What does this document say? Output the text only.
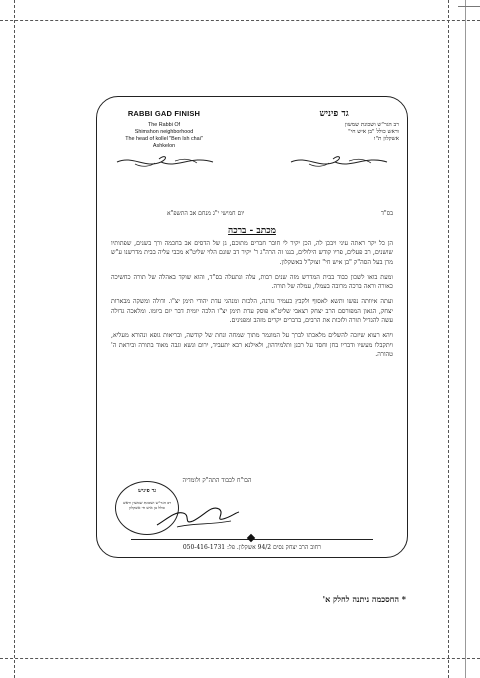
RABBI GAD FINISH
The Rabbi Of
Shimshon neighborhood
The head of kollel "Ben Ish chai"
Ashkelon
גד פיניש
רב הגר"ש ושכונת שמשון
וראש כולל "בן איש חי"
אשקלון ת"ו
יום חמישי י"ג מנחם אב התשפ"א	בס"ד
מכתב - ברכה

הן כל יקר ראתה עיני ויבכן לה, הכן יקיר לי חובר חברים מתוכם, גן של הדסים אב בחכמה ורך בשנים, שפתותיו שושנים, רב פעלים, פריו קודש הילולים, בננו זה הרה"ג ר' יקיר דב שונם הלוי שליט"א מכבי עליה בבית מדרשנו ע"ש מרן בעל הסה"ק "בן איש חי" זצוק"ל באשקלון.

ומעת בואו לשכון כבוד בבית המדרש מזה שנים רבות, עלה ונתעלה בס"ד, והוא שוקד באהלה של תורה כחשיכה כאורה וראה ברכה מרובה בעמלו, עמלה של תורה.

ועתה איוותה נפשו ותשא לאסוף ולקבץ כעמיר גורנה, הלכות ומנהגי עדת יהודי תימן יצ"ו. ודולה ומשקה מבארות יצחק, הגאון המפורסם הרב יצחק רצאבי שליט"א פוסק עדת תימן יצ"ו הלכה יומית דבר יום ביומו. ומלאכה גדולה עשה להגדיל תורה ולזכות את הרבים, בדברים יקרים מזהב ומפנינים.

ויהא רעוא שיזכה להשלים מלאכתו לברך על המוגמר מתוך שמחה ונחת של קודשה, ובריאות גופא ונהורא מעליא, ויתקבלו מעשיו ודבריו בחן וחסד על רבנן ותלמידהון, ולאילנא רבא יתעביד, ירום ונשא וגבה מאוד בתורה וביראת ה' טהורה.

הבו"ח לכבוד התה"ק ולומדיה
גד פיניש
רב הגר"ש ושכונת שמשון וראש כולל בן איש חי אשקלון
רחוב הרב יצחק נסים 94/2 אשקלון. פל: 050-416-1731
* החסכמה ניתנה לחלק א'
